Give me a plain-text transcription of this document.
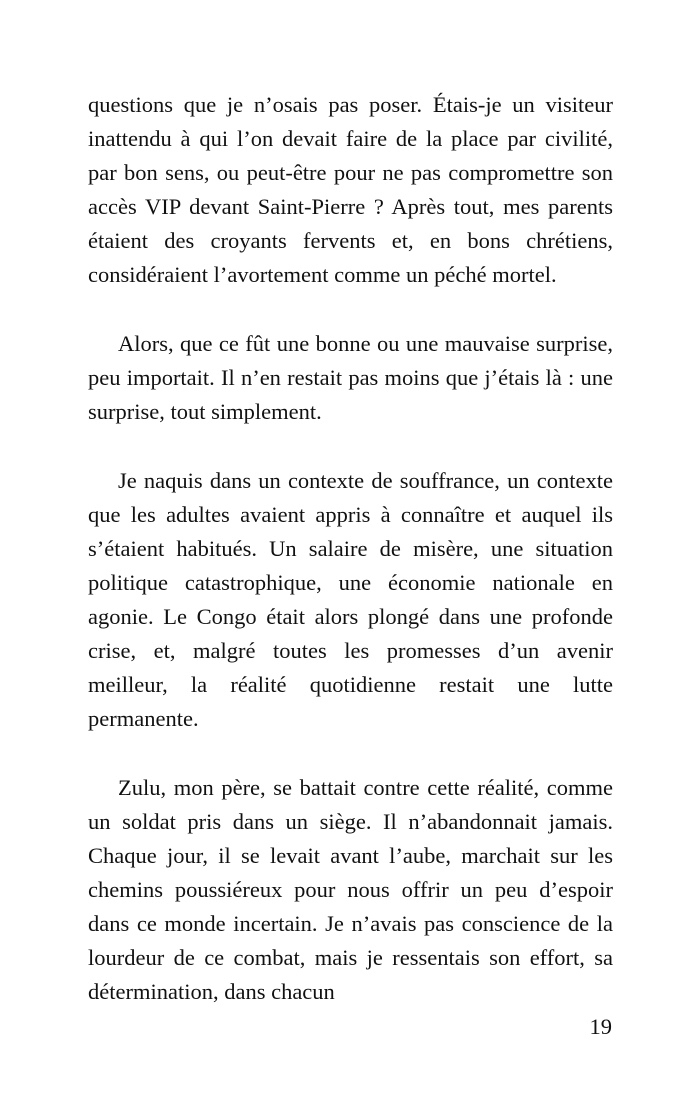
questions que je n’osais pas poser. Étais-je un visiteur inattendu à qui l’on devait faire de la place par civilité, par bon sens, ou peut-être pour ne pas compromettre son accès VIP devant Saint-Pierre ? Après tout, mes parents étaient des croyants fervents et, en bons chrétiens, considéraient l’avortement comme un péché mortel.

Alors, que ce fût une bonne ou une mauvaise surprise, peu importait. Il n’en restait pas moins que j’étais là : une surprise, tout simplement.

Je naquis dans un contexte de souffrance, un contexte que les adultes avaient appris à connaître et auquel ils s’étaient habitués. Un salaire de misère, une situation politique catastrophique, une économie nationale en agonie. Le Congo était alors plongé dans une profonde crise, et, malgré toutes les promesses d’un avenir meilleur, la réalité quotidienne restait une lutte permanente.

Zulu, mon père, se battait contre cette réalité, comme un soldat pris dans un siège. Il n’abandonnait jamais. Chaque jour, il se levait avant l’aube, marchait sur les chemins poussiéreux pour nous offrir un peu d’espoir dans ce monde incertain. Je n’avais pas conscience de la lourdeur de ce combat, mais je ressentais son effort, sa détermination, dans chacun

19
